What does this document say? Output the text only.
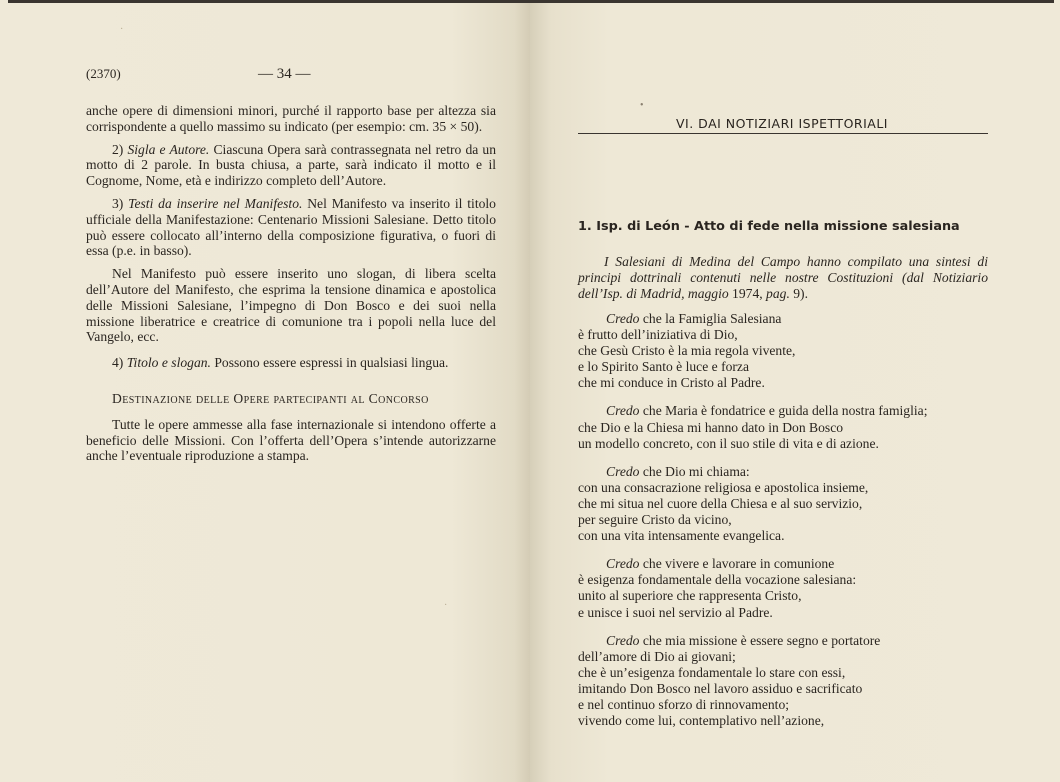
(2370)	— 34 —

anche opere di dimensioni minori, purché il rapporto base per altezza sia corrispondente a quello massimo su indicato (per esempio: cm. 35 × 50).

2) Sigla e Autore. Ciascuna Opera sarà contrassegnata nel retro da un motto di 2 parole. In busta chiusa, a parte, sarà indicato il motto e il Cognome, Nome, età e indirizzo completo dell’Autore.

3) Testi da inserire nel Manifesto. Nel Manifesto va inserito il titolo ufficiale della Manifestazione: Centenario Missioni Salesiane. Detto titolo può essere collocato all’interno della composizione figurativa, o fuori di essa (p.e. in basso).

Nel Manifesto può essere inserito uno slogan, di libera scelta dell’Autore del Manifesto, che esprima la tensione dinamica e apostolica delle Missioni Salesiane, l’impegno di Don Bosco e dei suoi nella missione liberatrice e creatrice di comunione tra i popoli nella luce del Vangelo, ecc.

4) Titolo e slogan. Possono essere espressi in qualsiasi lingua.

Destinazione delle Opere partecipanti al Concorso

Tutte le opere ammesse alla fase internazionale si intendono offerte a beneficio delle Missioni. Con l’offerta dell’Opera s’intende autorizzarne anche l’eventuale riproduzione a stampa.

·
·
VI. DAI NOTIZIARI ISPETTORIALI
1. Isp. di León - Atto di fede nella missione salesiana

I Salesiani di Medina del Campo hanno compilato una sintesi di principi dottrinali contenuti nelle nostre Costituzioni (dal Notiziario dell’Isp. di Madrid, maggio 1974, pag. 9).

Credo che la Famiglia Salesiana
è frutto dell’iniziativa di Dio,
che Gesù Cristo è la mia regola vivente,
e lo Spirito Santo è luce e forza
che mi conduce in Cristo al Padre.
Credo che Maria è fondatrice e guida della nostra famiglia;
che Dio e la Chiesa mi hanno dato in Don Bosco
un modello concreto, con il suo stile di vita e di azione.
Credo che Dio mi chiama:
con una consacrazione religiosa e apostolica insieme,
che mi situa nel cuore della Chiesa e al suo servizio,
per seguire Cristo da vicino,
con una vita intensamente evangelica.
Credo che vivere e lavorare in comunione
è esigenza fondamentale della vocazione salesiana:
unito al superiore che rappresenta Cristo,
e unisce i suoi nel servizio al Padre.
Credo che mia missione è essere segno e portatore
dell’amore di Dio ai giovani;
che è un’esigenza fondamentale lo stare con essi,
imitando Don Bosco nel lavoro assiduo e sacrificato
e nel continuo sforzo di rinnovamento;
vivendo come lui, contemplativo nell’azione,
•
